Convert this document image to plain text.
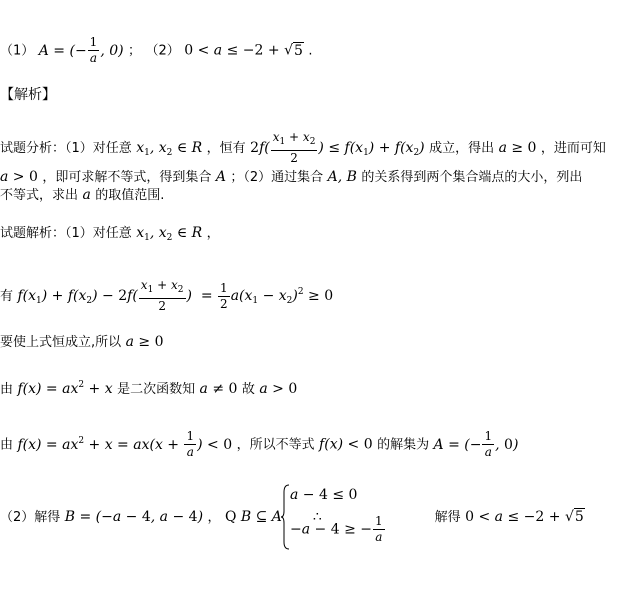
（1） A = (− $\frac{1}{a}$ , 0) ； （2） 0 < a ≤ −2 + √5 .
【解析】
试题分析：（1）对任意 $x_1$, $x_2$ ∈ R ，恒有 $2f( \frac{x_1 + x_2}{2}$ ) ≤ $f(x_1) + f(x_2)$ 成立，得出 a ≥ 0 ，进而可知
a > 0 ，即可求解不等式，得到集合 A ；（2）通过集合 A, B 的关系得到两个集合端点的大小，列出
不等式，求出 a 的取值范围.
试题解析：（1）对任意 $x_1$, $x_2$ ∈ R ，
有 $f(x_1) + f(x_2) - 2f( \frac{x_1 + x_2}{2}$ )  = $\frac{1}{2} a(x_1 - x_2)^2 \ge 0$
要使上式恒成立,所以 a ≥ 0
由 $f(x) = ax^2 + x$ 是二次函数知 a ≠ 0 故 a > 0
由 $f(x) = ax^2 + x = ax(x + \frac{1}{a}$ ) < 0 ，所以不等式 f(x) < 0 的解集为 A = (− $\frac{1}{a}$ , 0)
（2）解得 B = (−a − 4, a − 4) ， Q B ⊆ A ∴	解得 0 < a ≤ −2 + √5
a − 4 ≤ 0
−a − 4 ≥ − $\frac{1}{a}$
